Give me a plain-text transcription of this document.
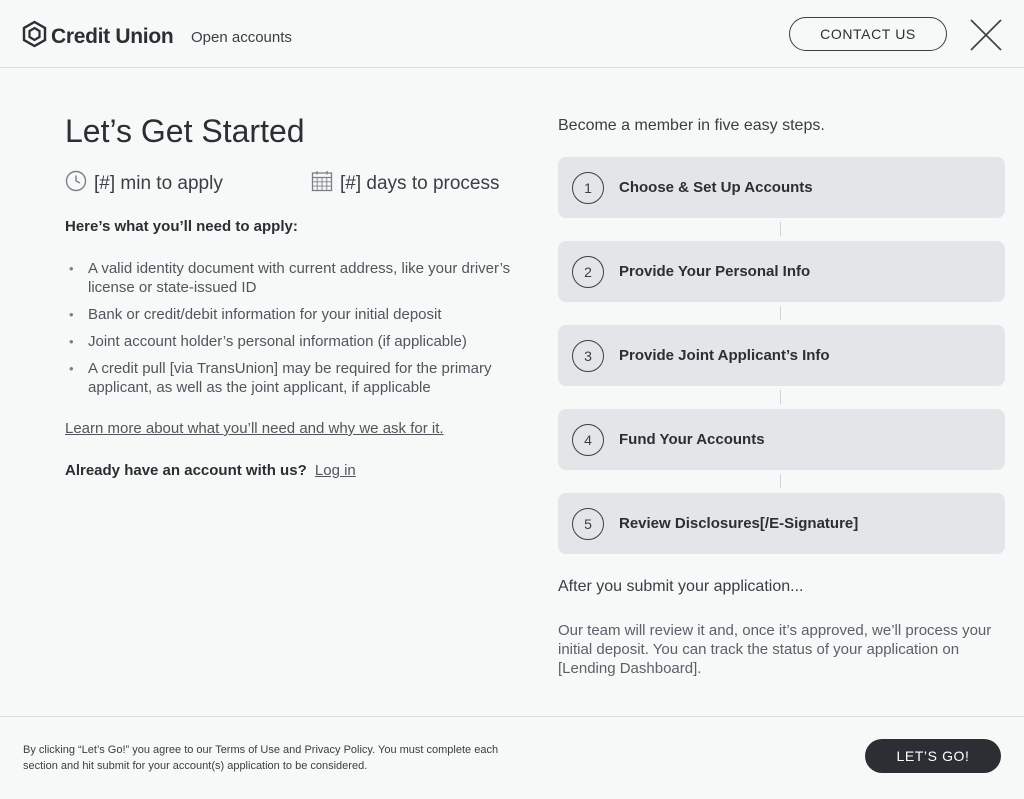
Credit Union Open accounts	CONTACT US
Let’s Get Started
[#] min to apply	[#] days to process
Here’s what you’ll need to apply:
• A valid identity document with current address, like your driver’s license or state-issued ID
• Bank or credit/debit information for your initial deposit
• Joint account holder’s personal information (if applicable)
• A credit pull [via TransUnion] may be required for the primary applicant, as well as the joint applicant, if applicable
Learn more about what you’ll need and why we ask for it.
Already have an account with us? Log in
Become a member in five easy steps.
1	Choose & Set Up Accounts
2	Provide Your Personal Info
3	Provide Joint Applicant’s Info
4	Fund Your Accounts
5	Review Disclosures[/E-Signature]
After you submit your application...
Our team will review it and, once it’s approved, we’ll process your initial deposit. You can track the status of your application on [Lending Dashboard].

By clicking “Let’s Go!” you agree to our Terms of Use and Privacy Policy. You must complete each section and hit submit for your account(s) application to be considered.

LET’S GO!
